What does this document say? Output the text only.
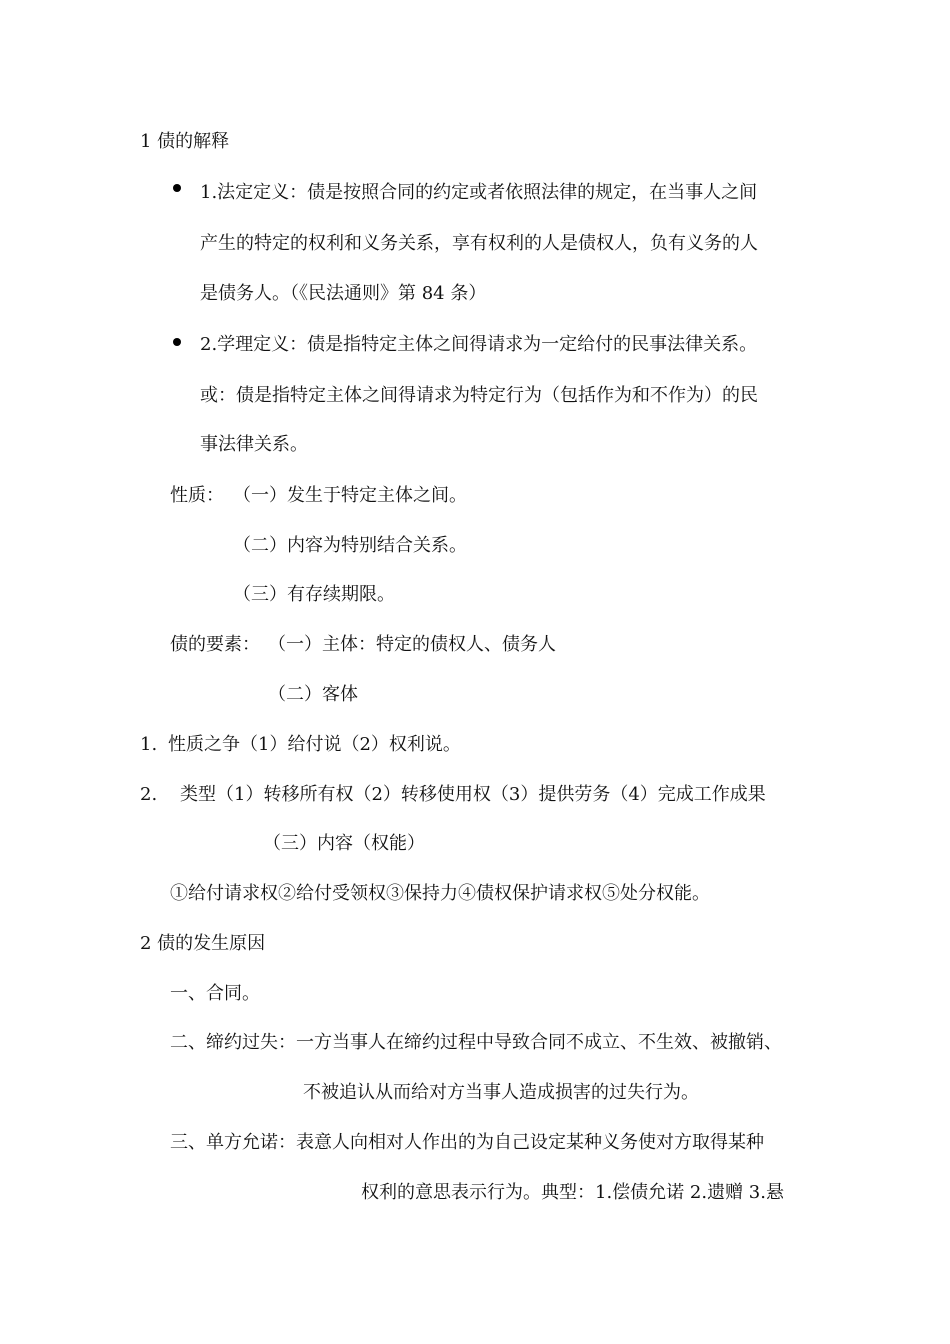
1 债的解释
1.法定定义：债是按照合同的约定或者依照法律的规定，在当事人之间
产生的特定的权利和义务关系，享有权利的人是债权人，负有义务的人
是债务人。（《民法通则》第 84 条）
2.学理定义：债是指特定主体之间得请求为一定给付的民事法律关系。
或：债是指特定主体之间得请求为特定行为（包括作为和不作为）的民
事法律关系。
性质： （一）发生于特定主体之间。
（二）内容为特别结合关系。
（三）有存续期限。
债的要素： （一）主体：特定的债权人、债务人
（二）客体
1. 性质之争（1）给付说（2）权利说。
2. 类型（1）转移所有权（2）转移使用权（3）提供劳务（4）完成工作成果
（三）内容（权能）
①给付请求权②给付受领权③保持力④债权保护请求权⑤处分权能。
2 债的发生原因
一、合同。
二、缔约过失：一方当事人在缔约过程中导致合同不成立、不生效、被撤销、
不被追认从而给对方当事人造成损害的过失行为。
三、单方允诺：表意人向相对人作出的为自己设定某种义务使对方取得某种
权利的意思表示行为。典型：1.偿债允诺 2.遗赠 3.悬
